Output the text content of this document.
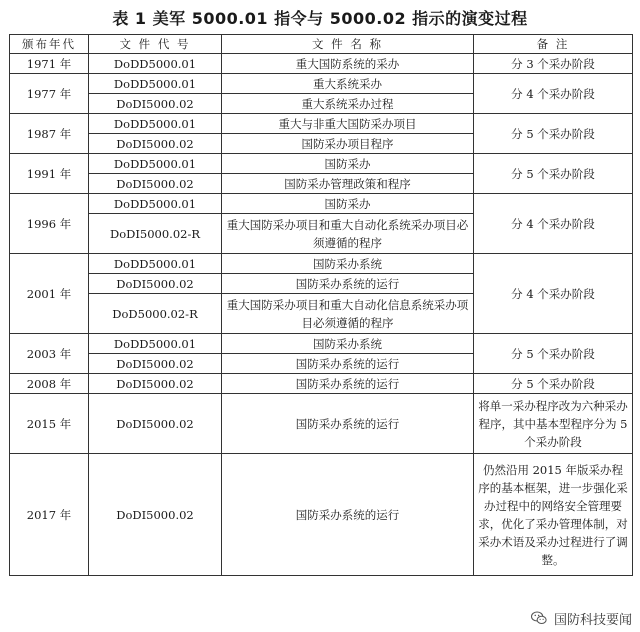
表 1 美军 5000.01 指令与 5000.02 指示的演变过程
颁布年代	文 件 代 号	文 件 名 称	备 注
1971 年	DoDD5000.01	重大国防系统的采办	分 3 个采办阶段
1977 年	DoDD5000.01	重大系统采办	分 4 个采办阶段
	DoDI5000.02	重大系统采办过程	
1987 年	DoDD5000.01	重大与非重大国防采办项目	分 5 个采办阶段
	DoDI5000.02	国防采办项目程序	
1991 年	DoDD5000.01	国防采办	分 5 个采办阶段
	DoDI5000.02	国防采办管理政策和程序	
1996 年	DoDD5000.01	国防采办	分 4 个采办阶段
	DoDI5000.02-R	重大国防采办项目和重大自动化系统采办项目必须遵循的程序	
2001 年	DoDD5000.01	国防采办系统	分 4 个采办阶段
	DoDI5000.02	国防采办系统的运行	
	DoD5000.02-R	重大国防采办项目和重大自动化信息系统采办项目必须遵循的程序	
2003 年	DoDD5000.01	国防采办系统	分 5 个采办阶段
	DoDI5000.02	国防采办系统的运行	
2008 年	DoDI5000.02	国防采办系统的运行	分 5 个采办阶段
2015 年	DoDI5000.02	国防采办系统的运行	将单一采办程序改为六种采办程序，其中基本型程序分为 5 个采办阶段
2017 年	DoDI5000.02	国防采办系统的运行	仍然沿用 2015 年版采办程序的基本框架，进一步强化采办过程中的网络安全管理要求，优化了采办管理体制，对采办术语及采办过程进行了调整。
国防科技要闻
